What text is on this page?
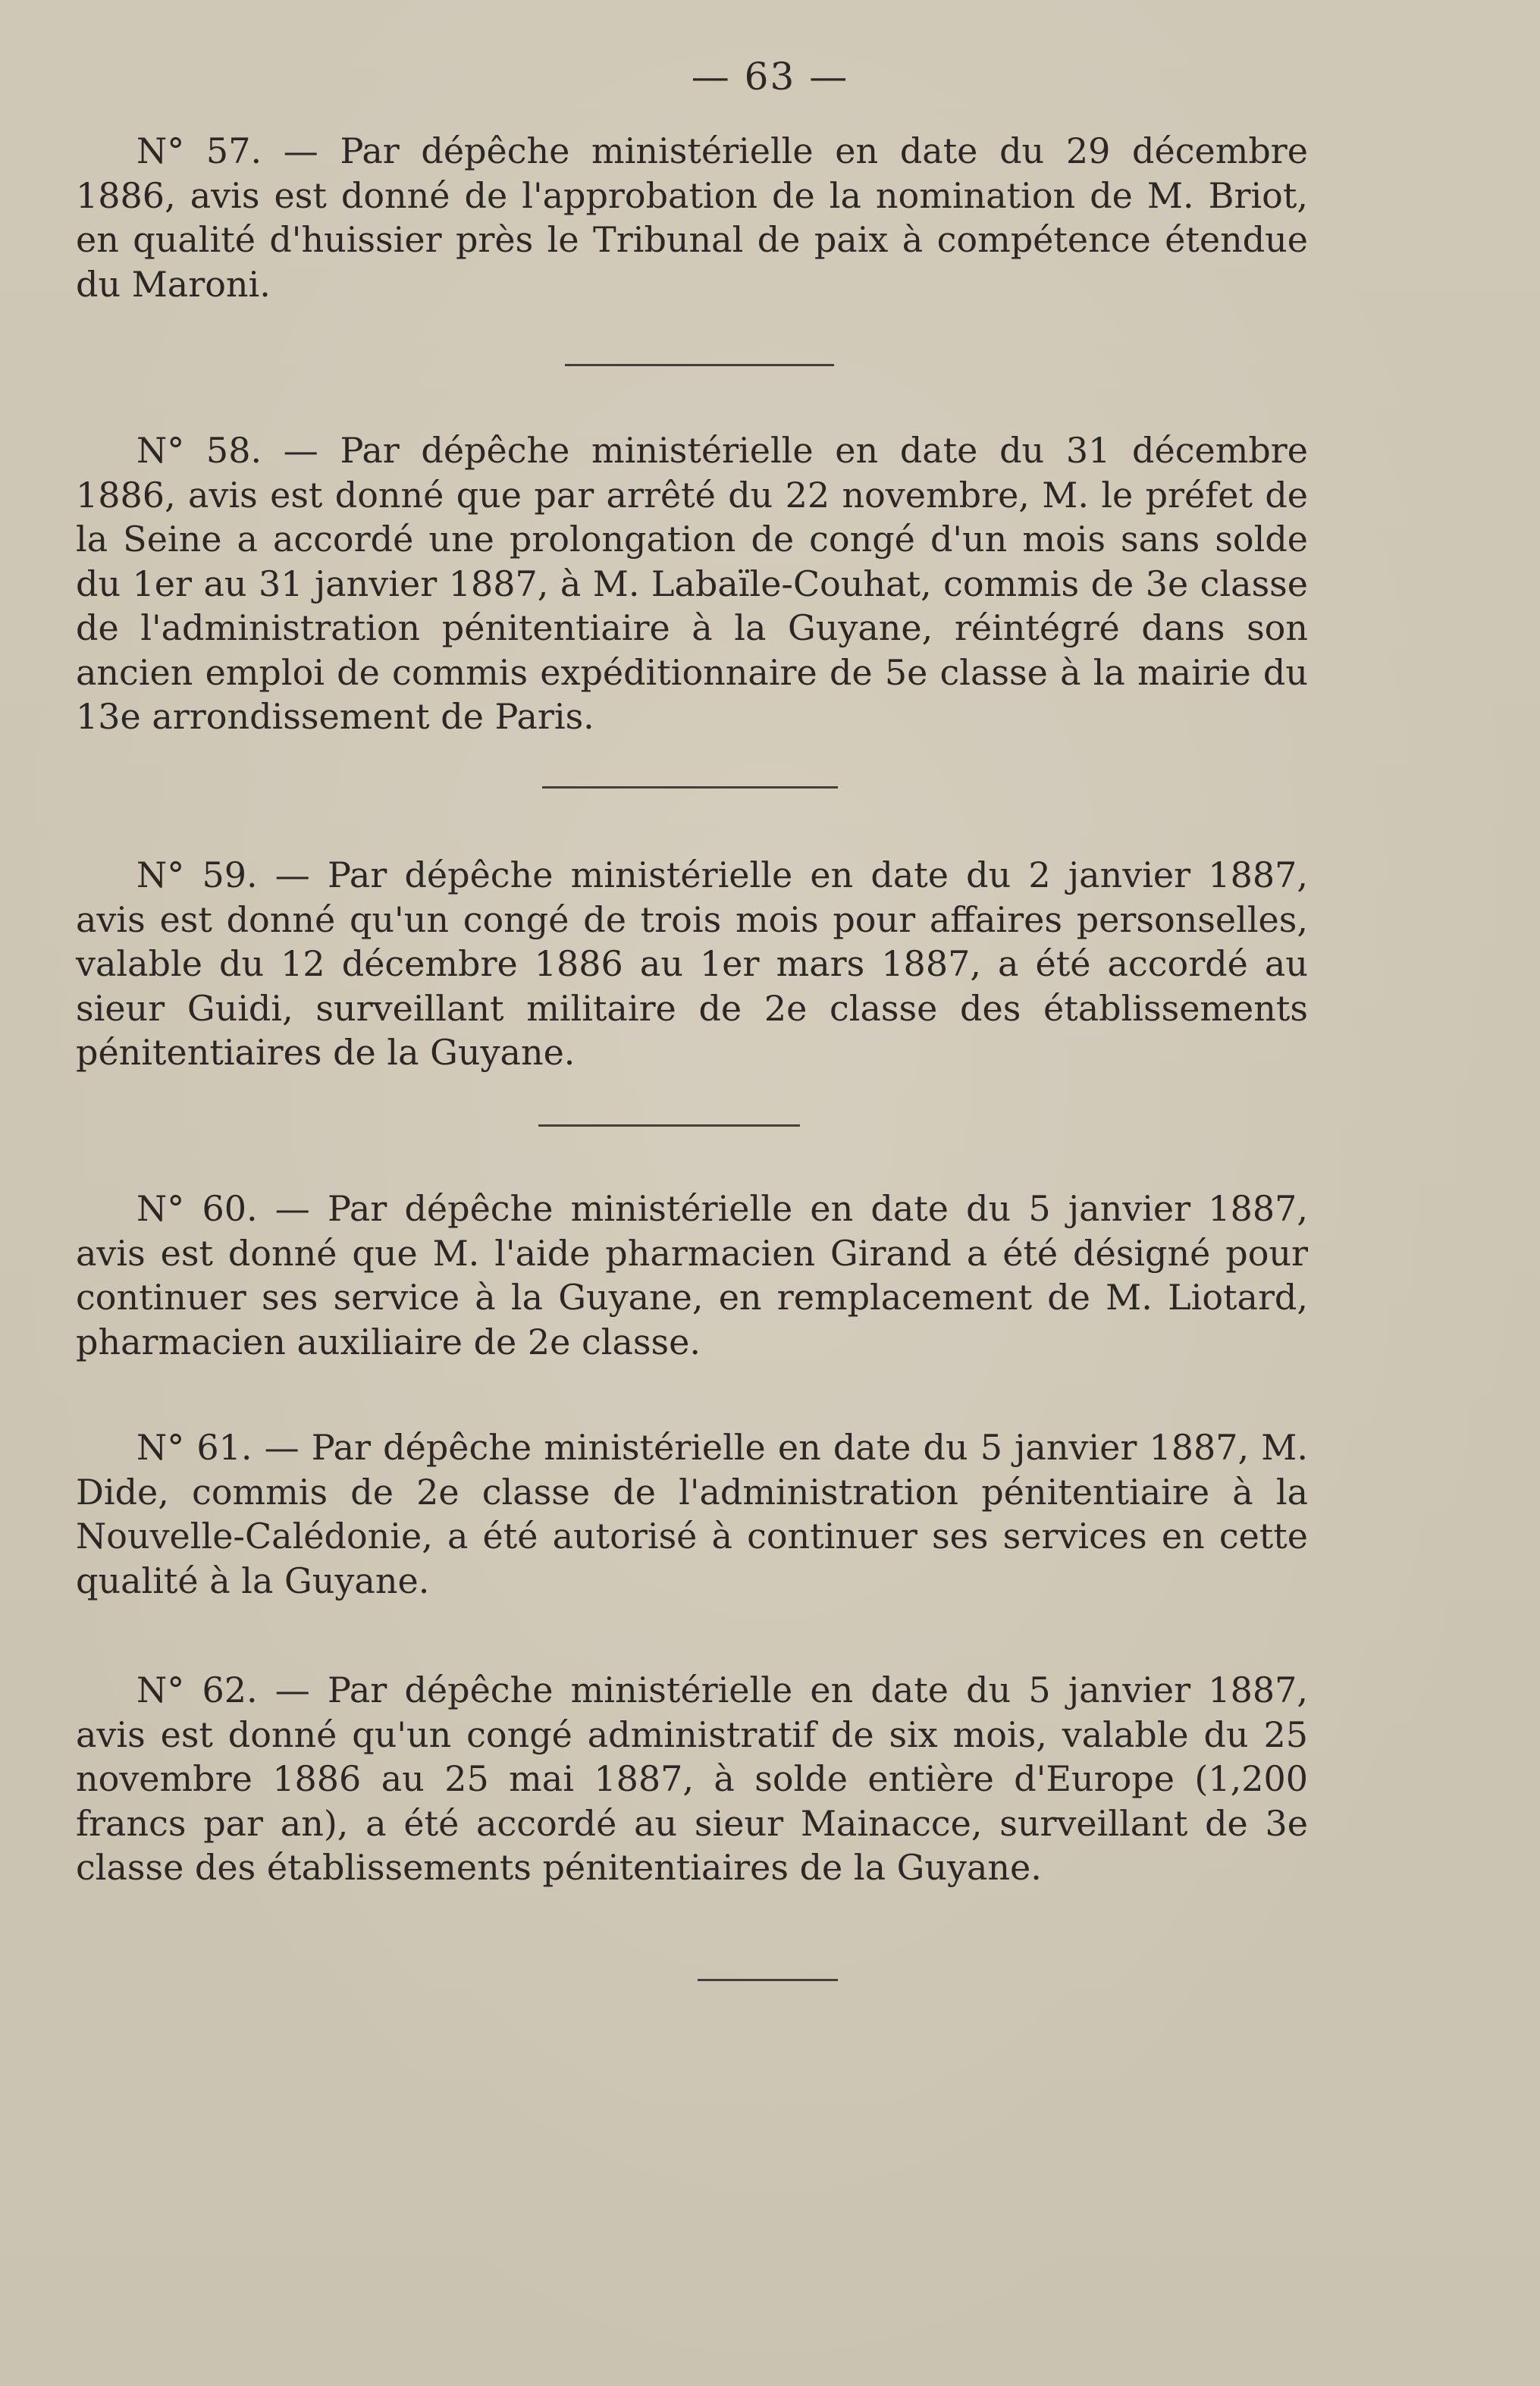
— 63 —

N° 57. — Par dépêche ministérielle en date du 29 décembre 1886, avis est donné de l'approbation de la nomination de M. Briot, en qualité d'huissier près le Tribunal de paix à compétence étendue du Maroni.

N° 58. — Par dépêche ministérielle en date du 31 décembre 1886, avis est donné que par arrêté du 22 novembre, M. le préfet de la Seine a accordé une prolongation de congé d'un mois sans solde du 1er au 31 janvier 1887, à M. Labaïle-Couhat, commis de 3e classe de l'administration pénitentiaire à la Guyane, réintégré dans son ancien emploi de commis expéditionnaire de 5e classe à la mairie du 13e arrondissement de Paris.

N° 59. — Par dépêche ministérielle en date du 2 janvier 1887, avis est donné qu'un congé de trois mois pour affaires personselles, valable du 12 décembre 1886 au 1er mars 1887, a été accordé au sieur Guidi, surveillant militaire de 2e classe des établissements pénitentiaires de la Guyane.

N° 60. — Par dépêche ministérielle en date du 5 janvier 1887, avis est donné que M. l'aide pharmacien Girand a été désigné pour continuer ses service à la Guyane, en remplacement de M. Liotard, pharmacien auxiliaire de 2e classe.

N° 61. — Par dépêche ministérielle en date du 5 janvier 1887, M. Dide, commis de 2e classe de l'administration pénitentiaire à la Nouvelle-Calédonie, a été autorisé à continuer ses services en cette qualité à la Guyane.

N° 62. — Par dépêche ministérielle en date du 5 janvier 1887, avis est donné qu'un congé administratif de six mois, valable du 25 novembre 1886 au 25 mai 1887, à solde entière d'Europe (1,200 francs par an), a été accordé au sieur Mainacce, surveillant de 3e classe des établissements pénitentiaires de la Guyane.
